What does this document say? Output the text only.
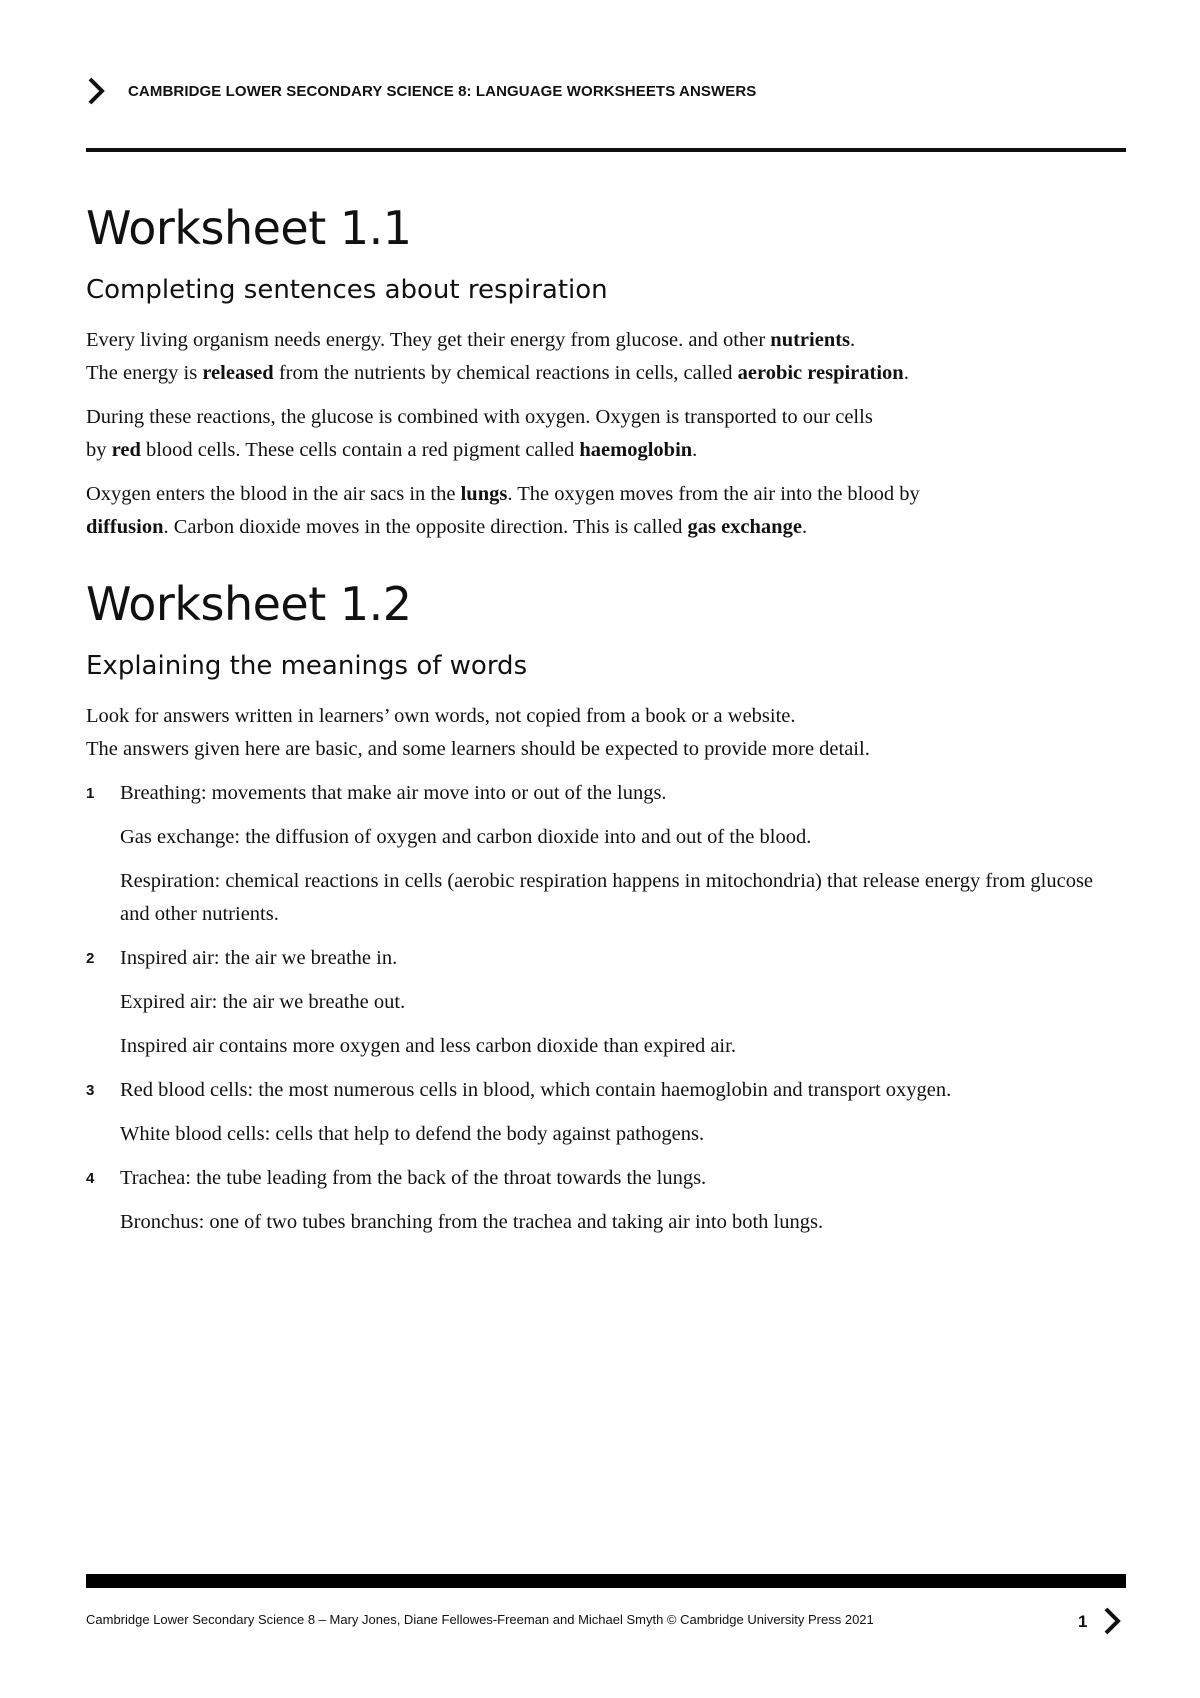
CAMBRIDGE LOWER SECONDARY SCIENCE 8: LANGUAGE WORKSHEETS ANSWERS
Worksheet 1.1
Completing sentences about respiration

Every living organism needs energy. They get their energy from glucose. and other nutrients.
The energy is released from the nutrients by chemical reactions in cells, called aerobic respiration.

During these reactions, the glucose is combined with oxygen. Oxygen is transported to our cells
by red blood cells. These cells contain a red pigment called haemoglobin.

Oxygen enters the blood in the air sacs in the lungs. The oxygen moves from the air into the blood by
diffusion. Carbon dioxide moves in the opposite direction. This is called gas exchange.

Worksheet 1.2
Explaining the meanings of words

Look for answers written in learners’ own words, not copied from a book or a website.
The answers given here are basic, and some learners should be expected to provide more detail.

1 Breathing: movements that make air move into or out of the lungs.

Gas exchange: the diffusion of oxygen and carbon dioxide into and out of the blood.

Respiration: chemical reactions in cells (aerobic respiration happens in mitochondria) that release energy from glucose and other nutrients.

2 Inspired air: the air we breathe in.

Expired air: the air we breathe out.

Inspired air contains more oxygen and less carbon dioxide than expired air.

3 Red blood cells: the most numerous cells in blood, which contain haemoglobin and transport oxygen.

White blood cells: cells that help to defend the body against pathogens.

4 Trachea: the tube leading from the back of the throat towards the lungs.

Bronchus: one of two tubes branching from the trachea and taking air into both lungs.

Cambridge Lower Secondary Science 8 – Mary Jones, Diane Fellowes-Freeman and Michael Smyth © Cambridge University Press 2021	1
